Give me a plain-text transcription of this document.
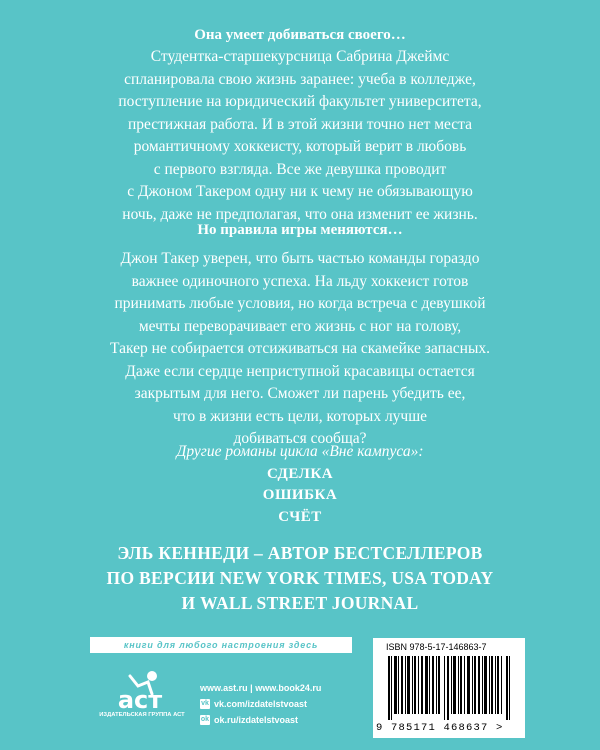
Она умеет добиваться своего…
Студентка-старшекурсница Сабрина Джеймс
спланировала свою жизнь заранее: учеба в колледже,
поступление на юридический факультет университета,
престижная работа. И в этой жизни точно нет места
романтичному хоккеисту, который верит в любовь
с первого взгляда. Все же девушка проводит
с Джоном Такером одну ни к чему не обязывающую
ночь, даже не предполагая, что она изменит ее жизнь.
Но правила игры меняются…
Джон Такер уверен, что быть частью команды гораздо
важнее одиночного успеха. На льду хоккеист готов
принимать любые условия, но когда встреча с девушкой
мечты переворачивает его жизнь с ног на голову,
Такер не собирается отсиживаться на скамейке запасных.
Даже если сердце неприступной красавицы остается
закрытым для него. Сможет ли парень убедить ее,
что в жизни есть цели, которых лучше
добиваться сообща?
Другие романы цикла «Вне кампуса»:
СДЕЛКА
ОШИБКА
СЧЁТ
ЭЛЬ КЕННЕДИ – АВТОР БЕСТСЕЛЛЕРОВ
ПО ВЕРСИИ NEW YORK TIMES, USA TODAY
И WALL STREET JOURNAL
книги для любого настроения здесь
aст
ИЗДАТЕЛЬСКАЯ ГРУППА АСТ
www.ast.ru | www.book24.ru
vk vk.com/izdatelstvoast
ok ok.ru/izdatelstvoast
ISBN 978-5-17-146863-7
9 785171 468637 >
